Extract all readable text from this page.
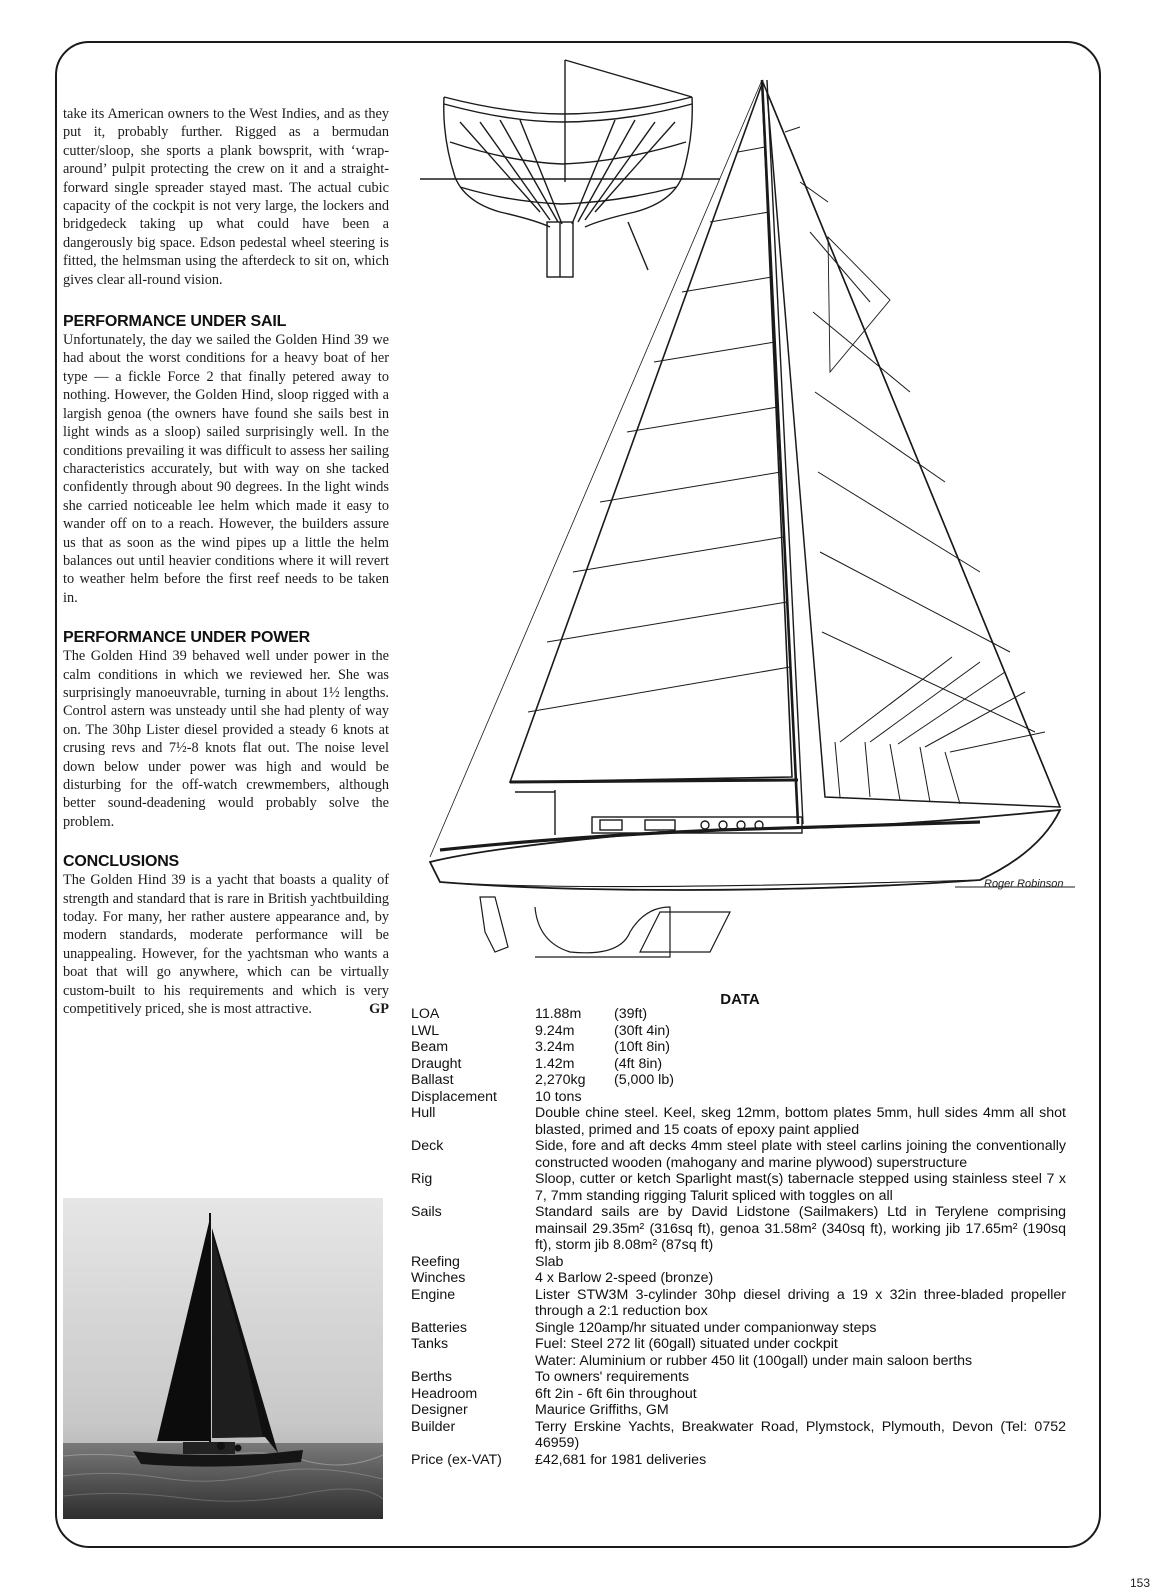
take its American owners to the West Indies, and as they put it, probably further. Rigged as a bermudan cutter/sloop, she sports a plank bowsprit, with ‘wrap-around’ pulpit protecting the crew on it and a straight-forward single spreader stayed mast. The actual cubic capacity of the cockpit is not very large, the lockers and bridgedeck taking up what could have been a dangerously big space. Edson pedestal wheel steering is fitted, the helmsman using the afterdeck to sit on, which gives clear all-round vision.

PERFORMANCE UNDER SAIL

Unfortunately, the day we sailed the Golden Hind 39 we had about the worst conditions for a heavy boat of her type — a fickle Force 2 that finally petered away to nothing. However, the Golden Hind, sloop rigged with a largish genoa (the owners have found she sails best in light winds as a sloop) sailed surprisingly well. In the conditions prevailing it was difficult to assess her sailing characteristics accurately, but with way on she tacked confidently through about 90 degrees. In the light winds she carried noticeable lee helm which made it easy to wander off on to a reach. However, the builders assure us that as soon as the wind pipes up a little the helm balances out until heavier conditions where it will revert to weather helm before the first reef needs to be taken in.

PERFORMANCE UNDER POWER

The Golden Hind 39 behaved well under power in the calm conditions in which we reviewed her. She was surprisingly manoeuvrable, turning in about 1½ lengths. Control astern was unsteady until she had plenty of way on. The 30hp Lister diesel provided a steady 6 knots at crusing revs and 7½-8 knots flat out. The noise level down below under power was high and would be disturbing for the off-watch crewmembers, although better sound-deadening would probably solve the problem.

CONCLUSIONS

The Golden Hind 39 is a yacht that boasts a quality of strength and standard that is rare in British yachtbuilding today. For many, her rather austere appearance and, by modern standards, moderate performance will be unappealing. However, for the yachtsman who wants a boat that will go anywhere, which can be virtually custom-built to his requirements and which is very competitively priced, she is most attractive.	GP

Roger Robinson
DATA
LOA	11.88m (39ft)
LWL	9.24m	(30ft 4in)
Beam	3.24m	(10ft 8in)
Draught	1.42m	(4ft 8in)
Ballast	2,270kg (5,000 lb)
Displacement	10 tons
Hull	Double chine steel. Keel, skeg 12mm, bottom plates 5mm, hull sides 4mm all shot blasted, primed and 15 coats of epoxy paint applied
Deck	Side, fore and aft decks 4mm steel plate with steel carlins joining the conventionally constructed wooden (mahogany and marine plywood) superstructure
Rig	Sloop, cutter or ketch Sparlight mast(s) tabernacle stepped using stainless steel 7 x 7, 7mm standing rigging Talurit spliced with toggles on all
Sails	Standard sails are by David Lidstone (Sailmakers) Ltd in Terylene comprising mainsail 29.35m² (316sq ft), genoa 31.58m² (340sq ft), working jib 17.65m² (190sq ft), storm jib 8.08m² (87sq ft)
Reefing	Slab
Winches	4 x Barlow 2-speed (bronze)
Engine	Lister STW3M 3-cylinder 30hp diesel driving a 19 x 32in three-bladed propeller through a 2:1 reduction box
Batteries	Single 120amp/hr situated under companionway steps
Tanks	Fuel: Steel 272 lit (60gall) situated under cockpit
Water: Aluminium or rubber 450 lit (100gall) under main saloon berths
Berths	To owners' requirements
Headroom	6ft 2in - 6ft 6in throughout
Designer	Maurice Griffiths, GM
Builder	Terry Erskine Yachts, Breakwater Road, Plymstock, Plymouth, Devon (Tel: 0752 46959)
Price (ex-VAT)	£42,681 for 1981 deliveries
153
